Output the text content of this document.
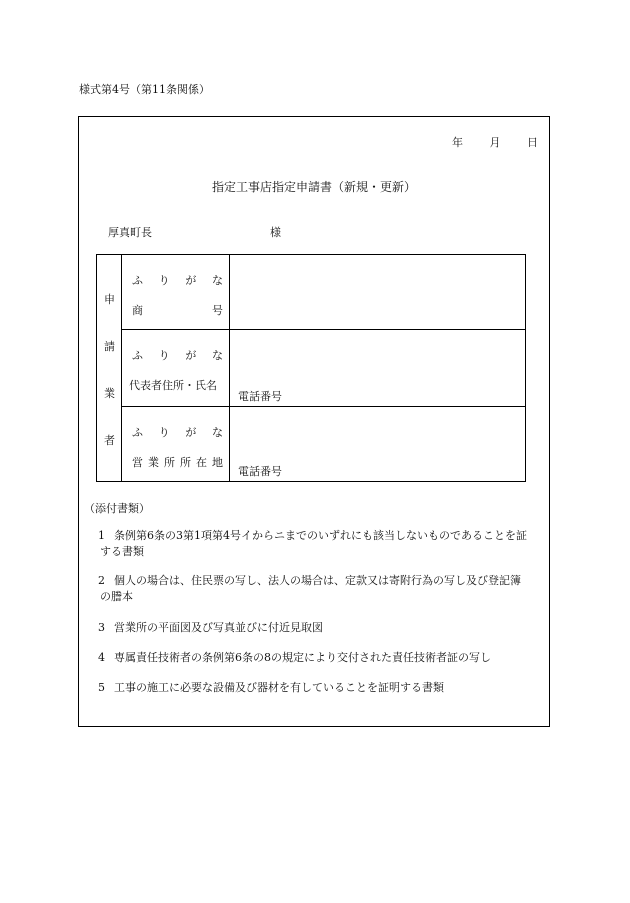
様式第4号（第11条関係）
年 月 日
指定工事店指定申請書（新規・更新）
厚真町長	様
申
請
業
者
ふ り が な
商	号
ふ り が な
代表者住所・氏名
電話番号
ふ り が な
営 業 所 所 在 地
電話番号
（添付書類）
1 条例第6条の3第1項第4号イからニまでのいずれにも該当しないものであることを証
する書類
2 個人の場合は、住民票の写し、法人の場合は、定款又は寄附行為の写し及び登記簿
の謄本
3 営業所の平面図及び写真並びに付近見取図
4 専属責任技術者の条例第6条の8の規定により交付された責任技術者証の写し
5 工事の施工に必要な設備及び器材を有していることを証明する書類
